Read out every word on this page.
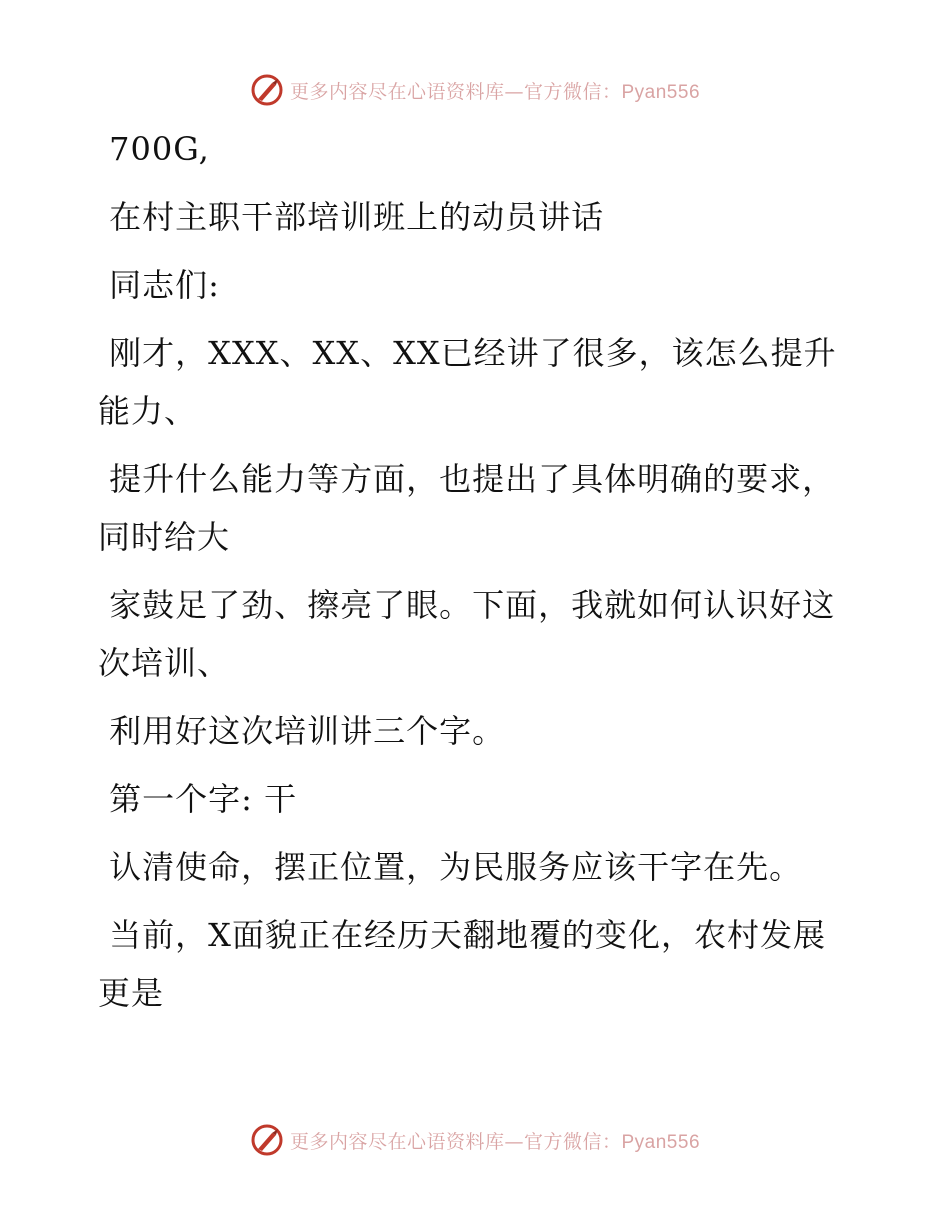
更多内容尽在心语资料库—官方微信：Pyan556

700G,

在村主职干部培训班上的动员讲话

同志们:

刚才，XXX、XX、XX已经讲了很多，该怎么提升能力、

提升什么能力等方面，也提出了具体明确的要求，同时给大

家鼓足了劲、擦亮了眼。下面，我就如何认识好这次培训、

利用好这次培训讲三个字。

第一个字: 干

认清使命，摆正位置，为民服务应该干字在先。

当前，X面貌正在经历天翻地覆的变化，农村发展更是

更多内容尽在心语资料库—官方微信：Pyan556
